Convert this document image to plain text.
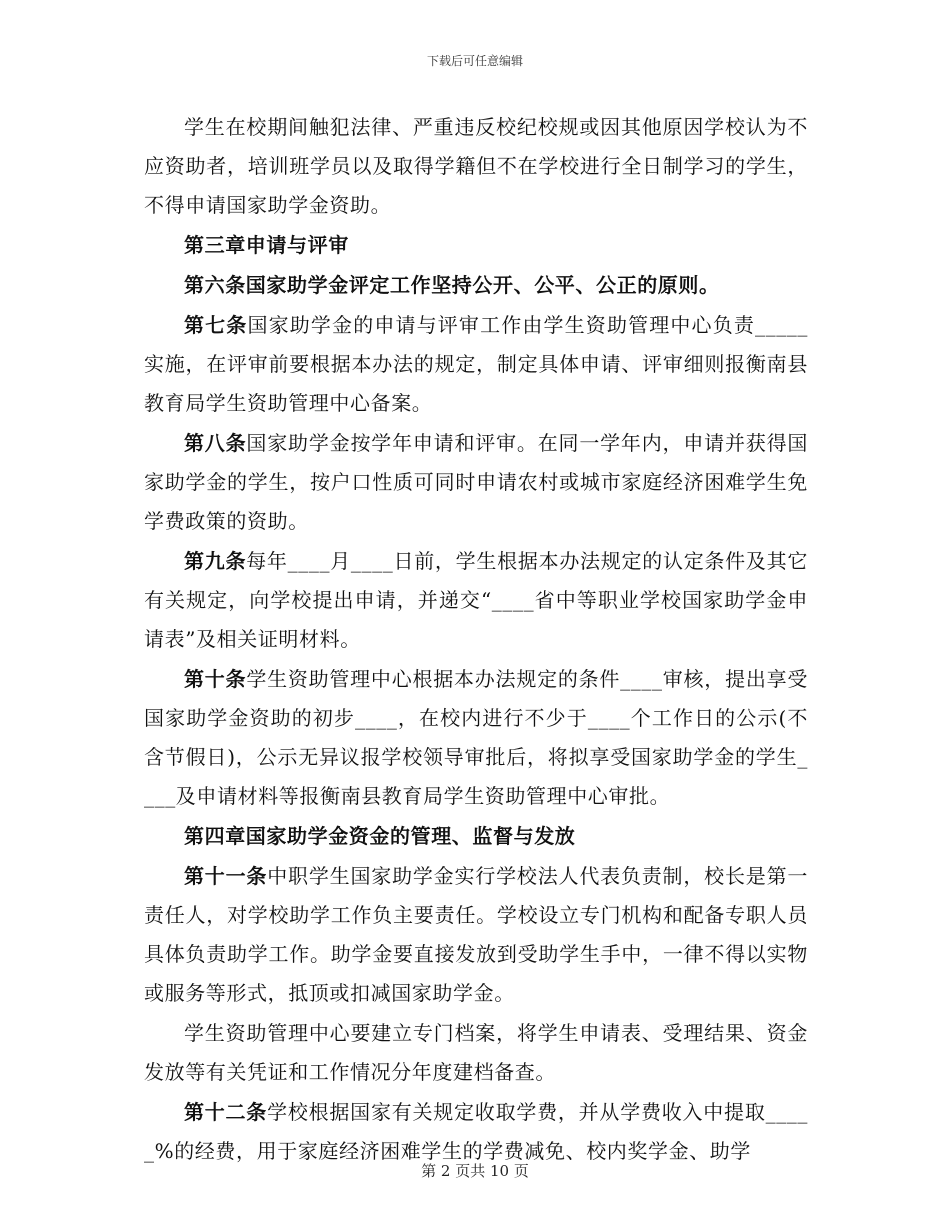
下载后可任意编辑

学生在校期间触犯法律、严重违反校纪校规或因其他原因学校认为不应资助者，培训班学员以及取得学籍但不在学校进行全日制学习的学生，不得申请国家助学金资助。

第三章申请与评审

第六条国家助学金评定工作坚持公开、公平、公正的原则。

第七条国家助学金的申请与评审工作由学生资助管理中心负责_____实施，在评审前要根据本办法的规定，制定具体申请、评审细则报衡南县教育局学生资助管理中心备案。

第八条国家助学金按学年申请和评审。在同一学年内，申请并获得国家助学金的学生，按户口性质可同时申请农村或城市家庭经济困难学生免学费政策的资助。

第九条每年____月____日前，学生根据本办法规定的认定条件及其它有关规定，向学校提出申请，并递交“____省中等职业学校国家助学金申请表”及相关证明材料。

第十条学生资助管理中心根据本办法规定的条件____审核，提出享受国家助学金资助的初步____，在校内进行不少于____个工作日的公示(不含节假日)，公示无异议报学校领导审批后，将拟享受国家助学金的学生____及申请材料等报衡南县教育局学生资助管理中心审批。

第四章国家助学金资金的管理、监督与发放

第十一条中职学生国家助学金实行学校法人代表负责制，校长是第一责任人，对学校助学工作负主要责任。学校设立专门机构和配备专职人员具体负责助学工作。助学金要直接发放到受助学生手中，一律不得以实物或服务等形式，抵顶或扣减国家助学金。

学生资助管理中心要建立专门档案，将学生申请表、受理结果、资金发放等有关凭证和工作情况分年度建档备查。

第十二条学校根据国家有关规定收取学费，并从学费收入中提取_____%的经费，用于家庭经济困难学生的学费减免、校内奖学金、助学

第 2 页共 10 页
